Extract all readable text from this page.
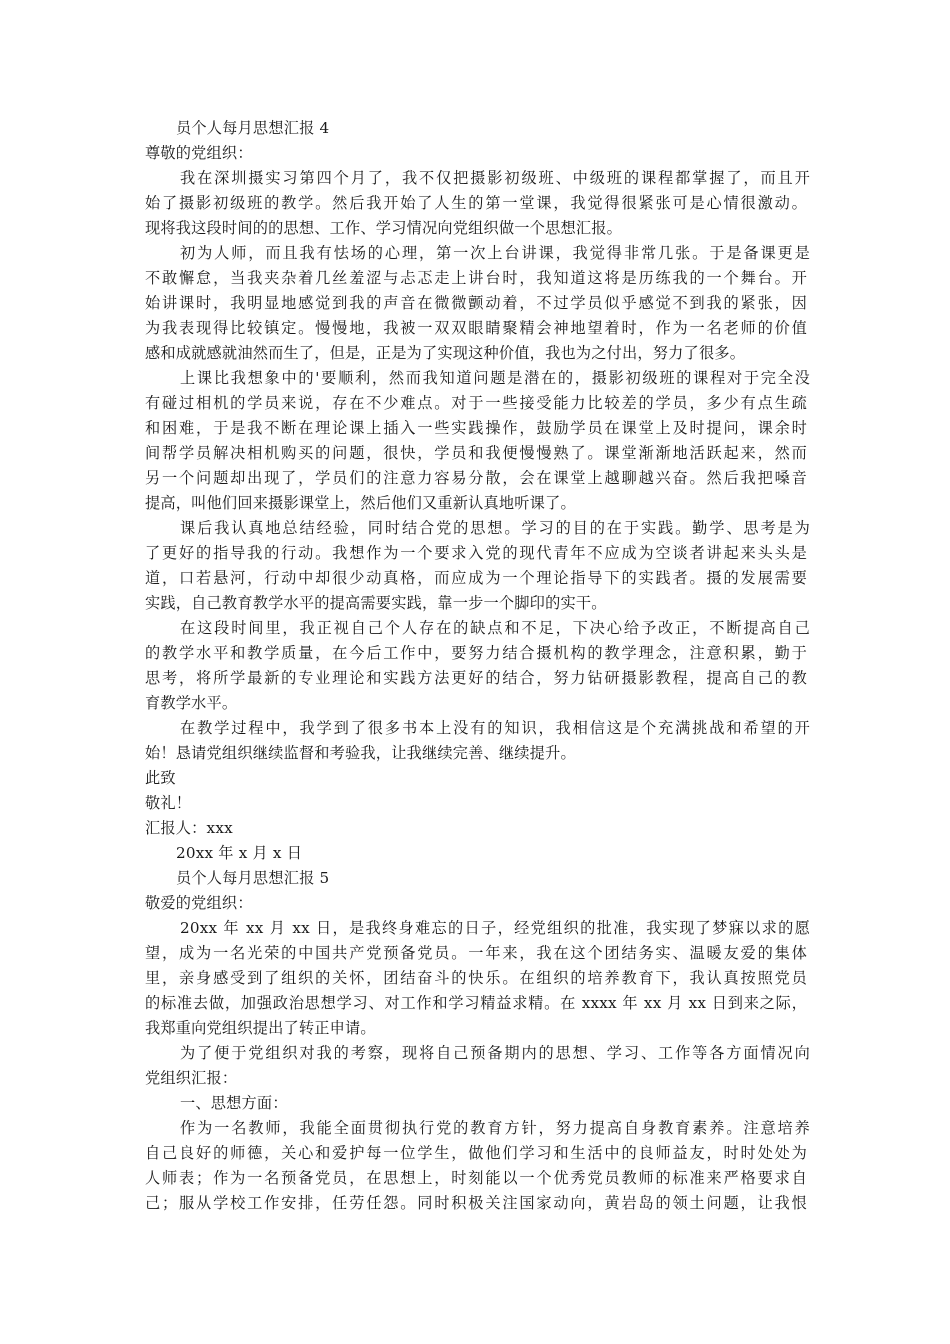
员个人每月思想汇报 4
尊敬的党组织：
我在深圳摄实习第四个月了，我不仅把摄影初级班、中级班的课程都掌握了，而且开
始了摄影初级班的教学。然后我开始了人生的第一堂课，我觉得很紧张可是心情很激动。
现将我这段时间的的思想、工作、学习情况向党组织做一个思想汇报。
初为人师，而且我有怯场的心理，第一次上台讲课，我觉得非常几张。于是备课更是
不敢懈怠，当我夹杂着几丝羞涩与忐忑走上讲台时，我知道这将是历练我的一个舞台。开
始讲课时，我明显地感觉到我的声音在微微颤动着，不过学员似乎感觉不到我的紧张，因
为我表现得比较镇定。慢慢地，我被一双双眼睛聚精会神地望着时，作为一名老师的价值
感和成就感就油然而生了，但是，正是为了实现这种价值，我也为之付出，努力了很多。
上课比我想象中的'要顺利，然而我知道问题是潜在的，摄影初级班的课程对于完全没
有碰过相机的学员来说，存在不少难点。对于一些接受能力比较差的学员，多少有点生疏
和困难，于是我不断在理论课上插入一些实践操作，鼓励学员在课堂上及时提问，课余时
间帮学员解决相机购买的问题，很快，学员和我便慢慢熟了。课堂渐渐地活跃起来，然而
另一个问题却出现了，学员们的注意力容易分散，会在课堂上越聊越兴奋。然后我把嗓音
提高，叫他们回来摄影课堂上，然后他们又重新认真地听课了。
课后我认真地总结经验，同时结合党的思想。学习的目的在于实践。勤学、思考是为
了更好的指导我的行动。我想作为一个要求入党的现代青年不应成为空谈者讲起来头头是
道，口若悬河，行动中却很少动真格，而应成为一个理论指导下的实践者。摄的发展需要
实践，自己教育教学水平的提高需要实践，靠一步一个脚印的实干。
在这段时间里，我正视自己个人存在的缺点和不足，下决心给予改正，不断提高自己
的教学水平和教学质量，在今后工作中，要努力结合摄机构的教学理念，注意积累，勤于
思考，将所学最新的专业理论和实践方法更好的结合，努力钻研摄影教程，提高自己的教
育教学水平。
在教学过程中，我学到了很多书本上没有的知识，我相信这是个充满挑战和希望的开
始！恳请党组织继续监督和考验我，让我继续完善、继续提升。
此致
敬礼！
汇报人：xxx
20xx 年 x 月 x 日
员个人每月思想汇报 5
敬爱的党组织：
20xx 年 xx 月 xx 日，是我终身难忘的日子，经党组织的批准，我实现了梦寐以求的愿
望，成为一名光荣的中国共产党预备党员。一年来，我在这个团结务实、温暖友爱的集体
里，亲身感受到了组织的关怀，团结奋斗的快乐。在组织的培养教育下，我认真按照党员
的标准去做，加强政治思想学习、对工作和学习精益求精。在 xxxx 年 xx 月 xx 日到来之际，
我郑重向党组织提出了转正申请。
为了便于党组织对我的考察，现将自己预备期内的思想、学习、工作等各方面情况向
党组织汇报：
一、思想方面：
作为一名教师，我能全面贯彻执行党的教育方针，努力提高自身教育素养。注意培养
自己良好的师德，关心和爱护每一位学生，做他们学习和生活中的良师益友，时时处处为
人师表；作为一名预备党员，在思想上，时刻能以一个优秀党员教师的标准来严格要求自
己；服从学校工作安排，任劳任怨。同时积极关注国家动向，黄岩岛的领土问题，让我恨
